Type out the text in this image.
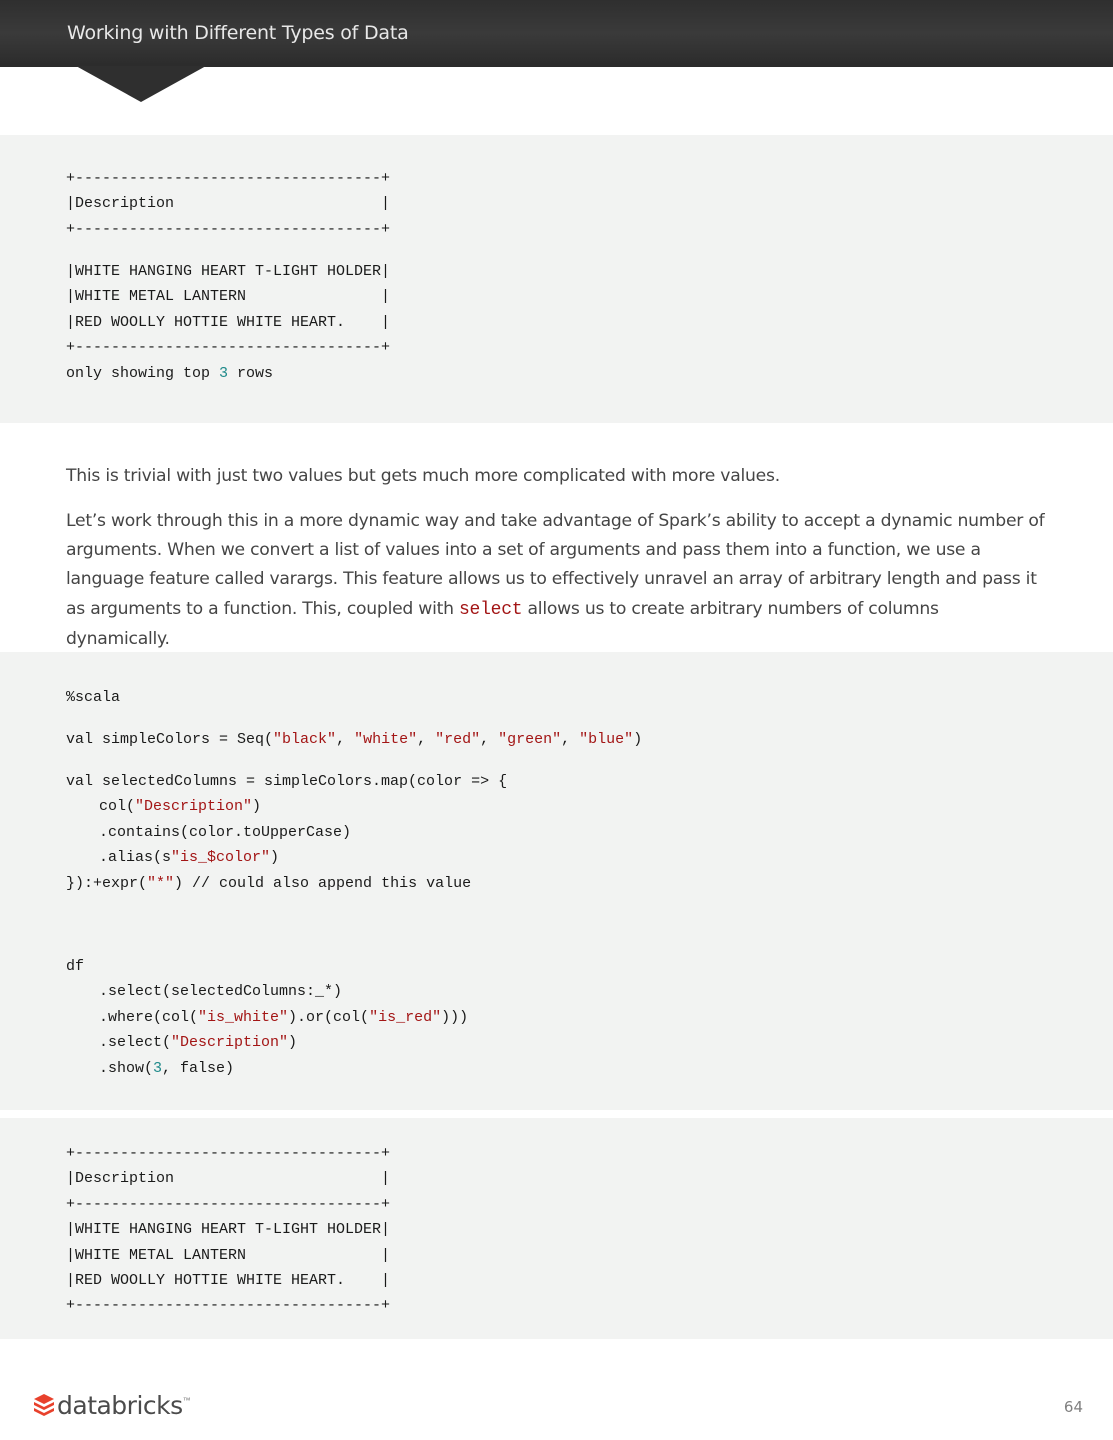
Working with Different Types of Data
+----------------------------------+
|Description                       |
+----------------------------------+
|WHITE HANGING HEART T-LIGHT HOLDER|
|WHITE METAL LANTERN               |
|RED WOOLLY HOTTIE WHITE HEART.    |
+----------------------------------+
only showing top 3 rows

This is trivial with just two values but gets much more complicated with more values.

Let’s work through this in a more dynamic way and take advantage of Spark’s ability to accept a dynamic number of arguments. When we convert a list of values into a set of arguments and pass them into a function, we use a language feature called varargs. This feature allows us to effectively unravel an array of arbitrary length and pass it as arguments to a function. This, coupled with select allows us to create arbitrary numbers of columns dynamically.

%scala
val simpleColors = Seq("black", "white", "red", "green", "blue")
val selectedColumns = simpleColors.map(color => {
col("Description")
.contains(color.toUpperCase)
.alias(s"is_$color")
}):+expr("*") // could also append this value
df
.select(selectedColumns:_*)
.where(col("is_white").or(col("is_red")))
.select("Description")
.show(3, false)
+----------------------------------+
|Description                       |
+----------------------------------+
|WHITE HANGING HEART T-LIGHT HOLDER|
|WHITE METAL LANTERN               |
|RED WOOLLY HOTTIE WHITE HEART.    |
+----------------------------------+
databricks ™	64
